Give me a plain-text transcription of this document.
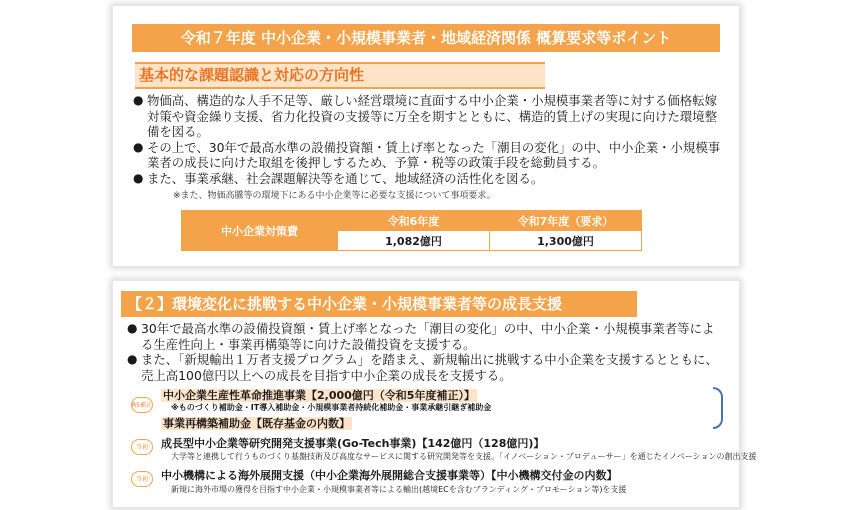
令和７年度 中小企業・小規模事業者・地域経済関係 概算要求等ポイント
基本的な課題認識と対応の方向性
● 物価高、構造的な人手不足等、厳しい経営環境に直面する中小企業・小規模事業者等に対する価格転嫁対策や資金繰り支援、省力化投資の支援等に万全を期すとともに、構造的賃上げの実現に向けた環境整備を図る。
● その上で、30年で最高水準の設備投資額・賃上げ率となった「潮目の変化」の中、中小企業・小規模事業者の成長に向けた取組を後押しするため、予算・税等の政策手段を総動員する。
● また、事業承継、社会課題解決等を通じて、地域経済の活性化を図る。
※また、物価高騰等の環境下にある中小企業等に必要な支援について事項要求。
中小企業対策費	令和6年度	令和7年度（要求）
	1,082億円	1,300億円
【２】環境変化に挑戦する中小企業・小規模事業者等の成長支援
● 30年で最高水準の設備投資額・賃上げ率となった「潮目の変化」の中、中小企業・小規模事業者等による生産性向上・事業再構築等に向けた設備投資を支援する。
● また、「新規輸出１万者支援プログラム」を踏まえ、新規輸出に挑戦する中小企業を支援するとともに、売上高100億円以上への成長を目指す中小企業の成長を支援する。
R5補正
中小企業生産性革命推進事業【2,000億円（令和5年度補正）】
※ものづくり補助金・IT導入補助金・小規模事業者持続化補助金・事業承継引継ぎ補助金
事業再構築補助金【既存基金の内数】
当初	成長型中小企業等研究開発支援事業(Go-Tech事業)【142億円（128億円)】
大学等と連携して行うものづくり基盤技術及び高度なサービスに関する研究開発等を支援。「イノベーション・プロデューサー」を通じたイノベーションの創出支援
当初	中小機構による海外展開支援（中小企業海外展開総合支援事業等）【中小機構交付金の内数】
新規に海外市場の獲得を目指す中小企業・小規模事業者等による輸出(越境ECを含むブランディング・プロモーション等)を支援
